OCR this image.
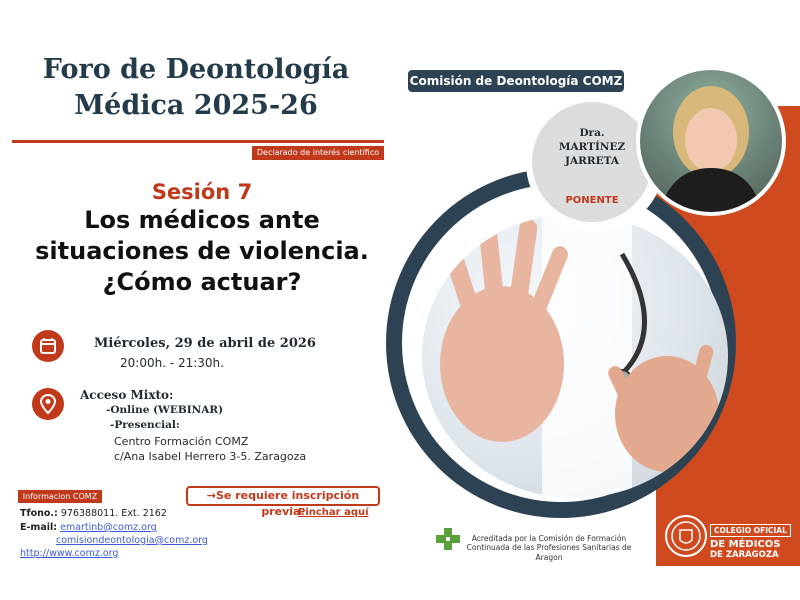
Foro de Deontología
Médica 2025-26
Declarado de interés científico
Comisión de Deontología COMZ
Sesión 7
Los médicos ante
situaciones de violencia.
¿Cómo actuar?
Miércoles, 29 de abril de 2026
20:00h. - 21:30h.
Acceso Mixto:
-Online (WEBINAR)
-Presencial:
Centro Formación COMZ
c/Ana Isabel Herrero 3-5. Zaragoza
Informacion COMZ
Tfono.: 976388011. Ext. 2162
E-mail: emartinb@comz.org
comisiondeontologia@comz.org
http://www.comz.org
→Se requiere inscripción previa.
Pinchar aquí
Dra.
MARTÍNEZ
JARRETA
PONENTE
Acreditada por la Comisión de Formación Continuada de las Profesiones Sanitarias de Aragon
COLEGIO OFICIAL
DE MÉDICOS
DE ZARAGOZA
